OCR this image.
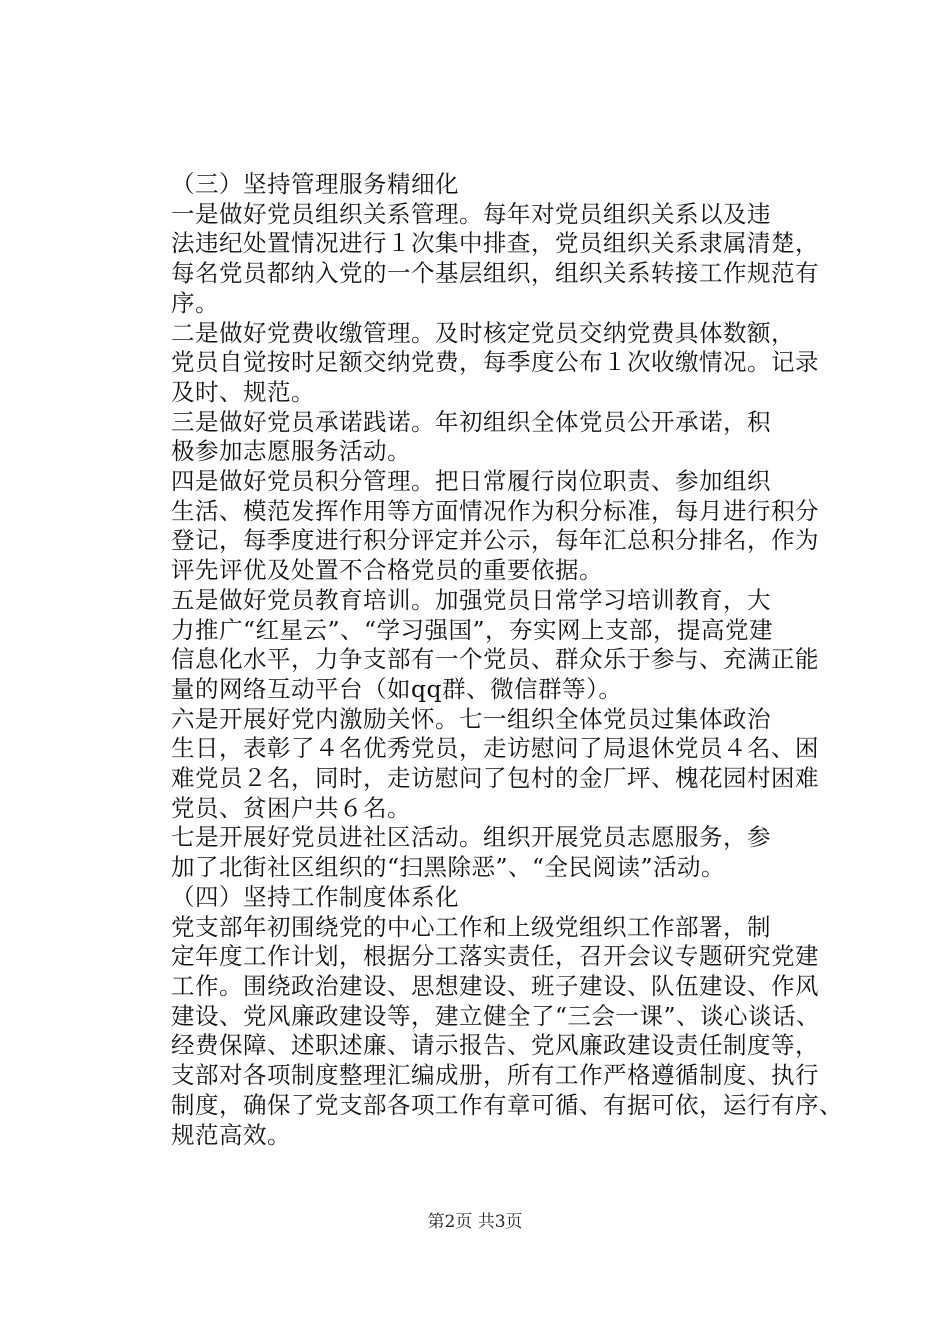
（三）坚持管理服务精细化

一是做好党员组织关系管理。每年对党员组织关系以及违
法违纪处置情况进行１次集中排查，党员组织关系隶属清楚，
每名党员都纳入党的一个基层组织，组织关系转接工作规范有
序。

二是做好党费收缴管理。及时核定党员交纳党费具体数额，
党员自觉按时足额交纳党费，每季度公布１次收缴情况。记录
及时、规范。

三是做好党员承诺践诺。年初组织全体党员公开承诺，积
极参加志愿服务活动。

四是做好党员积分管理。把日常履行岗位职责、参加组织
生活、模范发挥作用等方面情况作为积分标准，每月进行积分
登记，每季度进行积分评定并公示，每年汇总积分排名，作为
评先评优及处置不合格党员的重要依据。

五是做好党员教育培训。加强党员日常学习培训教育，大
力推广“红星云”、“学习强国”，夯实网上支部，提高党建
信息化水平，力争支部有一个党员、群众乐于参与、充满正能
量的网络互动平台（如qq群、微信群等）。

六是开展好党内激励关怀。七一组织全体党员过集体政治
生日，表彰了４名优秀党员，走访慰问了局退休党员４名、困
难党员２名，同时，走访慰问了包村的金厂坪、槐花园村困难
党员、贫困户共６名。

七是开展好党员进社区活动。组织开展党员志愿服务，参
加了北街社区组织的“扫黑除恶”、“全民阅读”活动。

（四）坚持工作制度体系化

党支部年初围绕党的中心工作和上级党组织工作部署，制
定年度工作计划，根据分工落实责任，召开会议专题研究党建
工作。围绕政治建设、思想建设、班子建设、队伍建设、作风
建设、党风廉政建设等，建立健全了“三会一课”、谈心谈话、
经费保障、述职述廉、请示报告、党风廉政建设责任制度等，
支部对各项制度整理汇编成册，所有工作严格遵循制度、执行
制度，确保了党支部各项工作有章可循、有据可依，运行有序、
规范高效。

第2页 共3页
